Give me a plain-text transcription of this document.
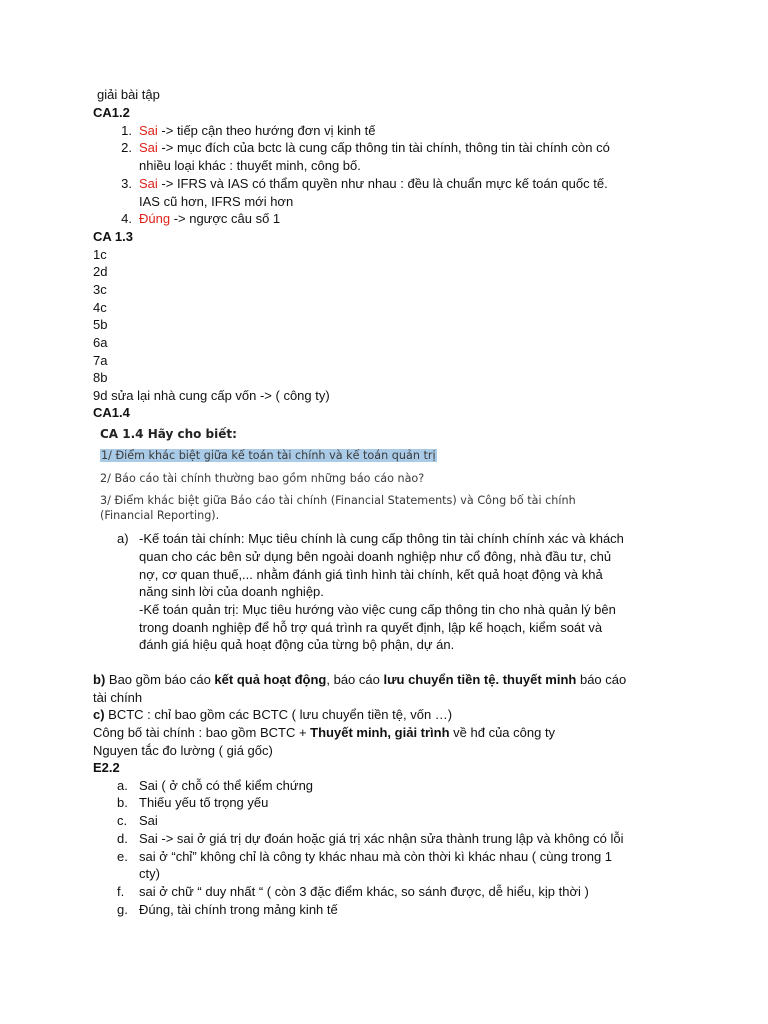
giải bài tập
CA1.2
1. Sai -> tiếp cận theo hướng đơn vị kinh tế
2. Sai -> mục đích của bctc là cung cấp thông tin tài chính, thông tin tài chính còn có
nhiều loại khác : thuyết minh, công bố.
3. Sai -> IFRS và IAS có thẩm quyền như nhau : đều là chuẩn mực kế toán quốc tế.
IAS cũ hơn, IFRS mới hơn
4. Đúng -> ngược câu số 1
CA 1.3
1c
2d
3c
4c
5b
6a
7a
8b
9d sửa lại nhà cung cấp vốn -> ( công ty)
CA1.4
CA 1.4 Hãy cho biết:
1/ Điểm khác biệt giữa kế toán tài chính và kế toán quản trị
2/ Báo cáo tài chính thường bao gồm những báo cáo nào?
3/ Điểm khác biệt giữa Báo cáo tài chính (Financial Statements) và Công bố tài chính
(Financial Reporting).
a) -Kế toán tài chính: Mục tiêu chính là cung cấp thông tin tài chính chính xác và khách
quan cho các bên sử dụng bên ngoài doanh nghiệp như cổ đông, nhà đầu tư, chủ
nợ, cơ quan thuế,... nhằm đánh giá tình hình tài chính, kết quả hoạt động và khả
năng sinh lời của doanh nghiệp.
-Kế toán quản trị: Mục tiêu hướng vào việc cung cấp thông tin cho nhà quản lý bên
trong doanh nghiệp để hỗ trợ quá trình ra quyết định, lập kế hoạch, kiểm soát và
đánh giá hiệu quả hoạt động của từng bộ phận, dự án.
b) Bao gồm báo cáo kết quả hoạt động, báo cáo lưu chuyển tiền tệ. thuyết minh báo cáo
tài chính
c) BCTC : chỉ bao gồm các BCTC ( lưu chuyển tiền tệ, vốn …)
Công bố tài chính : bao gồm BCTC + Thuyết minh, giải trình về hđ của công ty
Nguyen tắc đo lường ( giá gốc)
E2.2
a. Sai ( ở chỗ có thể kiểm chứng
b. Thiếu yếu tố trọng yếu
c. Sai
d. Sai -> sai ở giá trị dự đoán hoặc giá trị xác nhận sửa thành trung lập và không có lỗi
e. sai ở “chỉ” không chỉ là công ty khác nhau mà còn thời kì khác nhau ( cùng trong 1
cty)
f. sai ở chữ “ duy nhất “ ( còn 3 đặc điểm khác, so sánh được, dễ hiểu, kịp thời )
g. Đúng, tài chính trong mảng kinh tế
